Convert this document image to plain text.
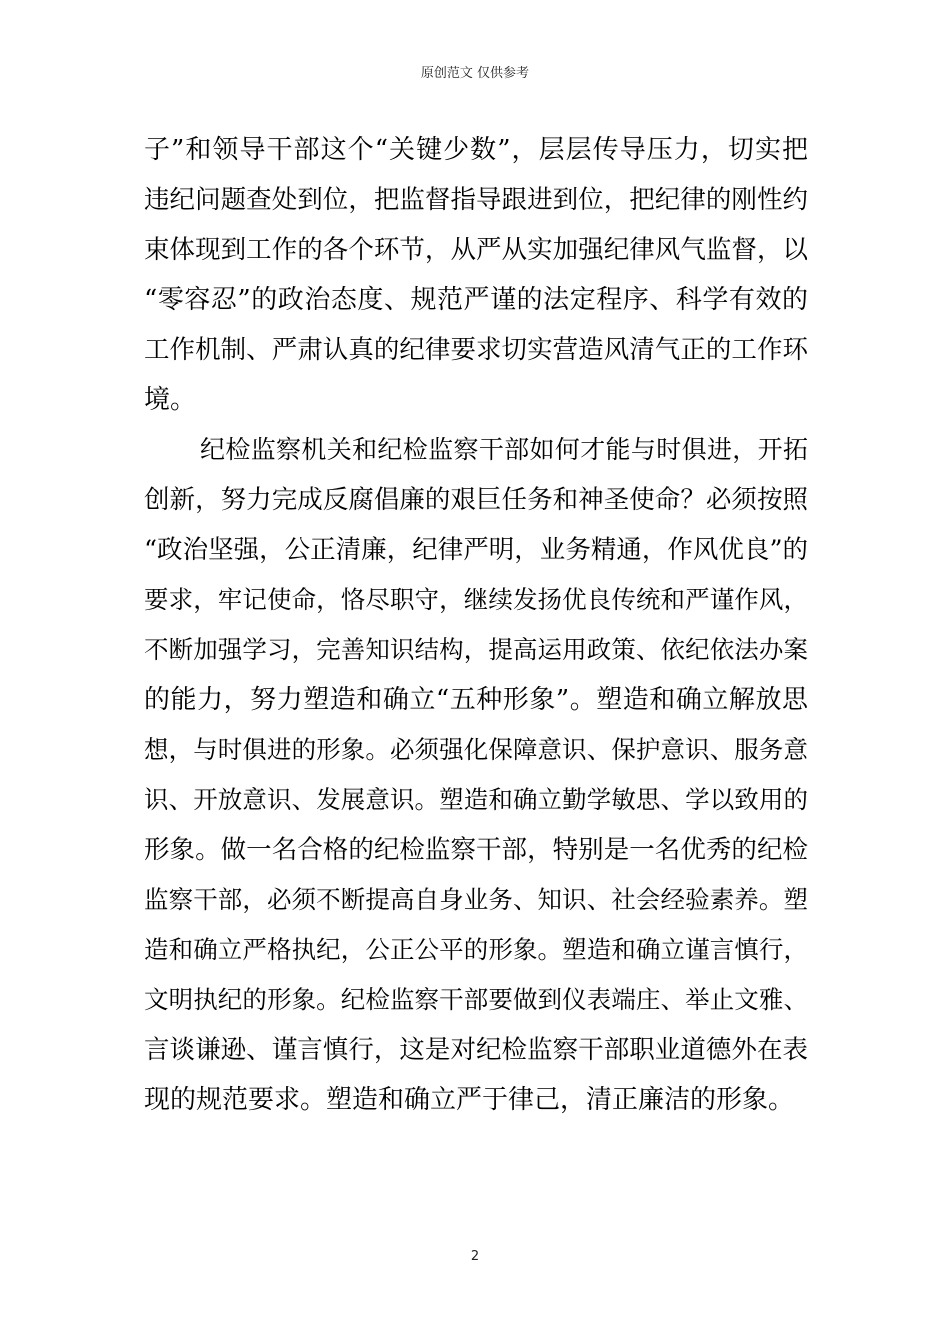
原创范文 仅供参考
子”和领导干部这个“关键少数”，层层传导压力，切实把
违纪问题查处到位，把监督指导跟进到位，把纪律的刚性约
束体现到工作的各个环节，从严从实加强纪律风气监督，以
“零容忍”的政治态度、规范严谨的法定程序、科学有效的
工作机制、严肃认真的纪律要求切实营造风清气正的工作环
境。
纪检监察机关和纪检监察干部如何才能与时俱进，开拓
创新，努力完成反腐倡廉的艰巨任务和神圣使命？必须按照
“政治坚强，公正清廉，纪律严明，业务精通，作风优良”的
要求，牢记使命，恪尽职守，继续发扬优良传统和严谨作风，
不断加强学习，完善知识结构，提高运用政策、依纪依法办案
的能力，努力塑造和确立“五种形象”。塑造和确立解放思
想，与时俱进的形象。必须强化保障意识、保护意识、服务意
识、开放意识、发展意识。塑造和确立勤学敏思、学以致用的
形象。做一名合格的纪检监察干部，特别是一名优秀的纪检
监察干部，必须不断提高自身业务、知识、社会经验素养。塑
造和确立严格执纪，公正公平的形象。塑造和确立谨言慎行，
文明执纪的形象。纪检监察干部要做到仪表端庄、举止文雅、
言谈谦逊、谨言慎行，这是对纪检监察干部职业道德外在表
现的规范要求。塑造和确立严于律己，清正廉洁的形象。
2
